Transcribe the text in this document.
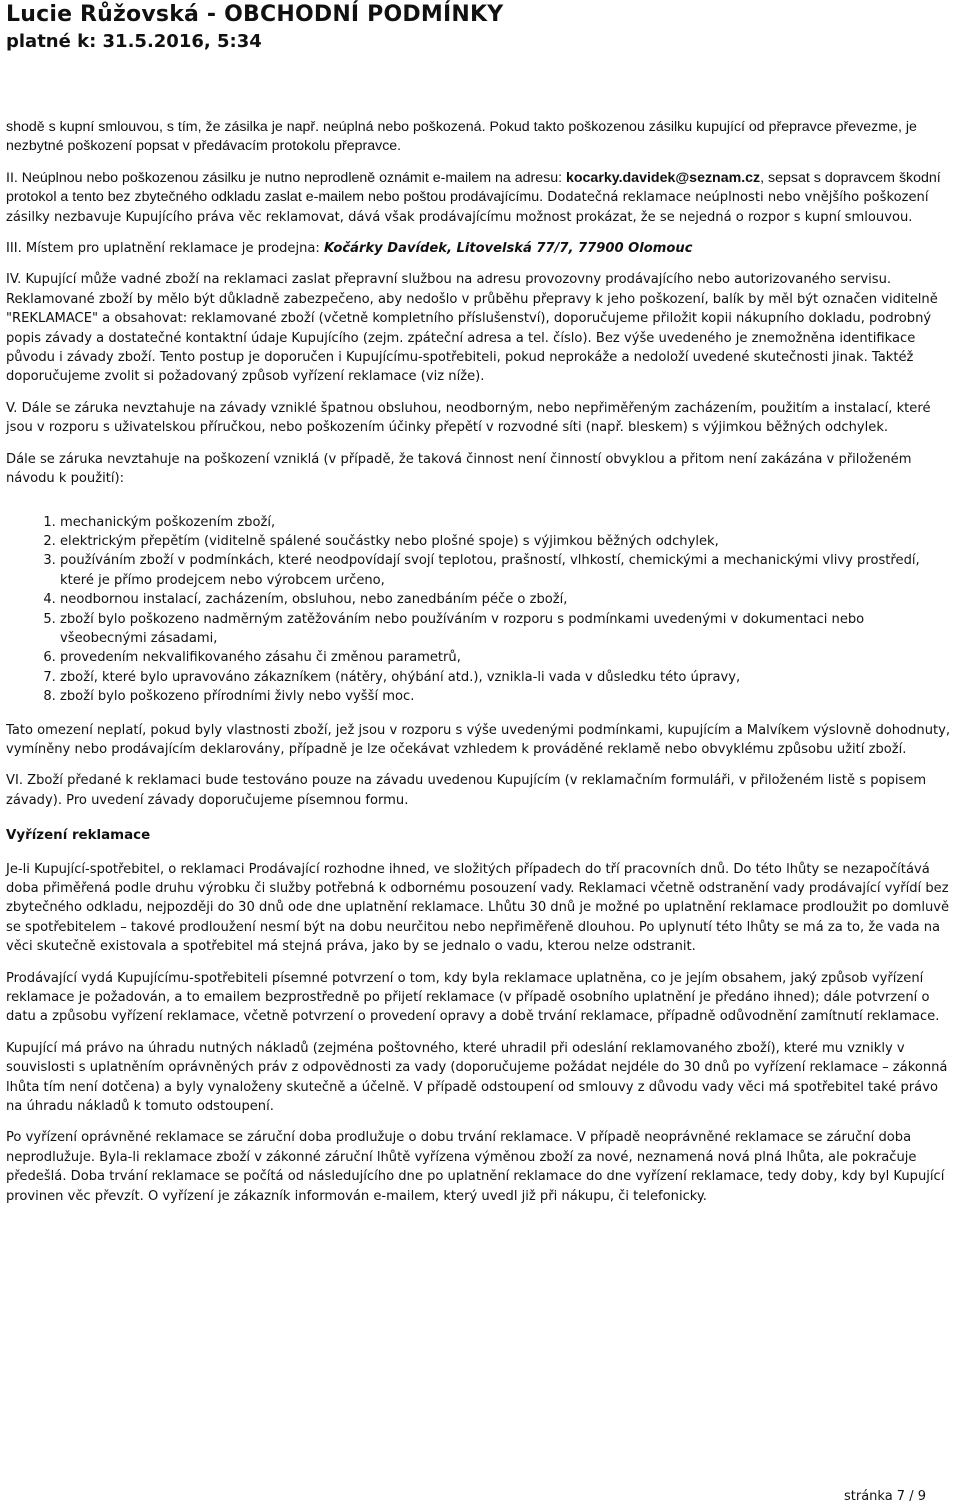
Lucie Růžovská - OBCHODNÍ PODMÍNKY
platné k: 31.5.2016, 5:34

shodě s kupní smlouvou, s tím, že zásilka je např. neúplná nebo poškozená. Pokud takto poškozenou zásilku kupující od přepravce převezme, je nezbytné poškození popsat v předávacím protokolu přepravce.

II. Neúplnou nebo poškozenou zásilku je nutno neprodleně oznámit e-mailem na adresu: kocarky.davidek@seznam.cz, sepsat s dopravcem škodní protokol a tento bez zbytečného odkladu zaslat e-mailem nebo poštou prodávajícímu. Dodatečná reklamace neúplnosti nebo vnějšího poškození zásilky nezbavuje Kupujícího práva věc reklamovat, dává však prodávajícímu možnost prokázat, že se nejedná o rozpor s kupní smlouvou.

III. Místem pro uplatnění reklamace je prodejna: Kočárky Davídek, Litovelská 77/7, 77900 Olomouc

IV. Kupující může vadné zboží na reklamaci zaslat přepravní službou na adresu provozovny prodávajícího nebo autorizovaného servisu. Reklamované zboží by mělo být důkladně zabezpečeno, aby nedošlo v průběhu přepravy k jeho poškození, balík by měl být označen viditelně "REKLAMACE" a obsahovat: reklamované zboží (včetně kompletního příslušenství), doporučujeme přiložit kopii nákupního dokladu, podrobný popis závady a dostatečné kontaktní údaje Kupujícího (zejm. zpáteční adresa a tel. číslo). Bez výše uvedeného je znemožněna identifikace původu i závady zboží. Tento postup je doporučen i Kupujícímu-spotřebiteli, pokud neprokáže a nedoloží uvedené skutečnosti jinak. Taktéž doporučujeme zvolit si požadovaný způsob vyřízení reklamace (viz níže).

V. Dále se záruka nevztahuje na závady vzniklé špatnou obsluhou, neodborným, nebo nepřiměřeným zacházením, použitím a instalací, které jsou v rozporu s uživatelskou příručkou, nebo poškozením účinky přepětí v rozvodné síti (např. bleskem) s výjimkou běžných odchylek.

Dále se záruka nevztahuje na poškození vzniklá (v případě, že taková činnost není činností obvyklou a přitom není zakázána v přiloženém návodu k použití):

1. mechanickým poškozením zboží,
2. elektrickým přepětím (viditelně spálené součástky nebo plošné spoje) s výjimkou běžných odchylek,
3. používáním zboží v podmínkách, které neodpovídají svojí teplotou, prašností, vlhkostí, chemickými a mechanickými vlivy prostředí, které je přímo prodejcem nebo výrobcem určeno,
4. neodbornou instalací, zacházením, obsluhou, nebo zanedbáním péče o zboží,
5. zboží bylo poškozeno nadměrným zatěžováním nebo používáním v rozporu s podmínkami uvedenými v dokumentaci nebo všeobecnými zásadami,
6. provedením nekvalifikovaného zásahu či změnou parametrů,
7. zboží, které bylo upravováno zákazníkem (nátěry, ohýbání atd.), vznikla-li vada v důsledku této úpravy,
8. zboží bylo poškozeno přírodními živly nebo vyšší moc.

Tato omezení neplatí, pokud byly vlastnosti zboží, jež jsou v rozporu s výše uvedenými podmínkami, kupujícím a Malvíkem výslovně dohodnuty, vymíněny nebo prodávajícím deklarovány, případně je lze očekávat vzhledem k prováděné reklamě nebo obvyklému způsobu užití zboží.

VI. Zboží předané k reklamaci bude testováno pouze na závadu uvedenou Kupujícím (v reklamačním formuláři, v přiloženém listě s popisem závady). Pro uvedení závady doporučujeme písemnou formu.

Vyřízení reklamace

Je-li Kupující-spotřebitel, o reklamaci Prodávající rozhodne ihned, ve složitých případech do tří pracovních dnů. Do této lhůty se nezapočítává doba přiměřená podle druhu výrobku či služby potřebná k odbornému posouzení vady. Reklamaci včetně odstranění vady prodávající vyřídí bez zbytečného odkladu, nejpozději do 30 dnů ode dne uplatnění reklamace. Lhůtu 30 dnů je možné po uplatnění reklamace prodloužit po domluvě se spotřebitelem – takové prodloužení nesmí být na dobu neurčitou nebo nepřiměřeně dlouhou. Po uplynutí této lhůty se má za to, že vada na věci skutečně existovala a spotřebitel má stejná práva, jako by se jednalo o vadu, kterou nelze odstranit.

Prodávající vydá Kupujícímu-spotřebiteli písemné potvrzení o tom, kdy byla reklamace uplatněna, co je jejím obsahem, jaký způsob vyřízení reklamace je požadován, a to emailem bezprostředně po přijetí reklamace (v případě osobního uplatnění je předáno ihned); dále potvrzení o datu a způsobu vyřízení reklamace, včetně potvrzení o provedení opravy a době trvání reklamace, případně odůvodnění zamítnutí reklamace.

Kupující má právo na úhradu nutných nákladů (zejména poštovného, které uhradil při odeslání reklamovaného zboží), které mu vznikly v souvislosti s uplatněním oprávněných práv z odpovědnosti za vady (doporučujeme požádat nejdéle do 30 dnů po vyřízení reklamace – zákonná lhůta tím není dotčena) a byly vynaloženy skutečně a účelně. V případě odstoupení od smlouvy z důvodu vady věci má spotřebitel také právo na úhradu nákladů k tomuto odstoupení.

Po vyřízení oprávněné reklamace se záruční doba prodlužuje o dobu trvání reklamace. V případě neoprávněné reklamace se záruční doba neprodlužuje. Byla-li reklamace zboží v zákonné záruční lhůtě vyřízena výměnou zboží za nové, neznamená nová plná lhůta, ale pokračuje předešlá. Doba trvání reklamace se počítá od následujícího dne po uplatnění reklamace do dne vyřízení reklamace, tedy doby, kdy byl Kupující provinen věc převzít. O vyřízení je zákazník informován e-mailem, který uvedl již při nákupu, či telefonicky.

stránka 7 / 9
